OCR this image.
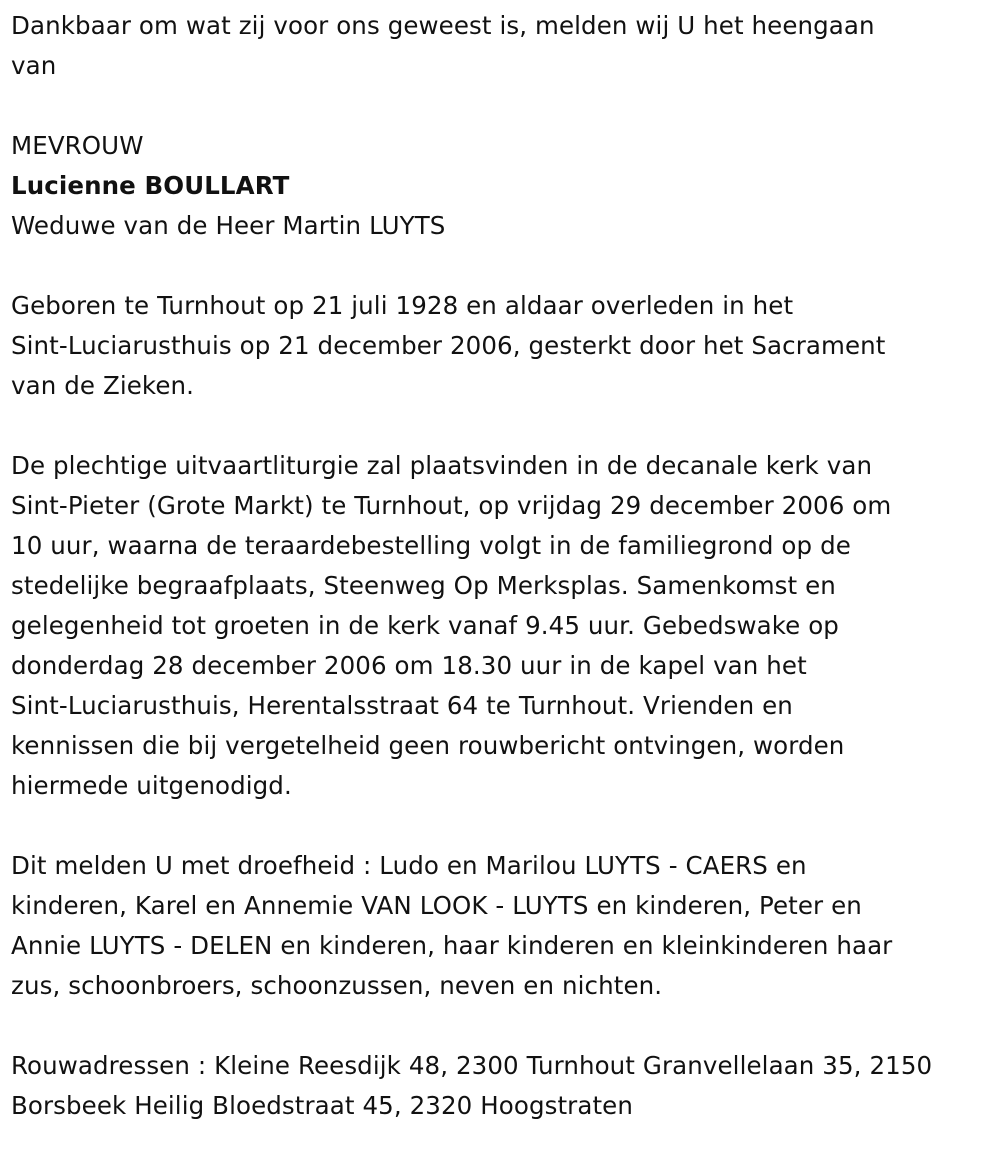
Dankbaar om wat zij voor ons geweest is, melden wij U het heengaan
van
MEVROUW
Lucienne BOULLART
Weduwe van de Heer Martin LUYTS
Geboren te Turnhout op 21 juli 1928 en aldaar overleden in het
Sint-Luciarusthuis op 21 december 2006, gesterkt door het Sacrament
van de Zieken.
De plechtige uitvaartliturgie zal plaatsvinden in de decanale kerk van
Sint-Pieter (Grote Markt) te Turnhout, op vrijdag 29 december 2006 om
10 uur, waarna de teraardebestelling volgt in de familiegrond op de
stedelijke begraafplaats, Steenweg Op Merksplas. Samenkomst en
gelegenheid tot groeten in de kerk vanaf 9.45 uur. Gebedswake op
donderdag 28 december 2006 om 18.30 uur in de kapel van het
Sint-Luciarusthuis, Herentalsstraat 64 te Turnhout. Vrienden en
kennissen die bij vergetelheid geen rouwbericht ontvingen, worden
hiermede uitgenodigd.
Dit melden U met droefheid : Ludo en Marilou LUYTS - CAERS en
kinderen, Karel en Annemie VAN LOOK - LUYTS en kinderen, Peter en
Annie LUYTS - DELEN en kinderen, haar kinderen en kleinkinderen haar
zus, schoonbroers, schoonzussen, neven en nichten.
Rouwadressen : Kleine Reesdijk 48, 2300 Turnhout Granvellelaan 35, 2150
Borsbeek Heilig Bloedstraat 45, 2320 Hoogstraten
